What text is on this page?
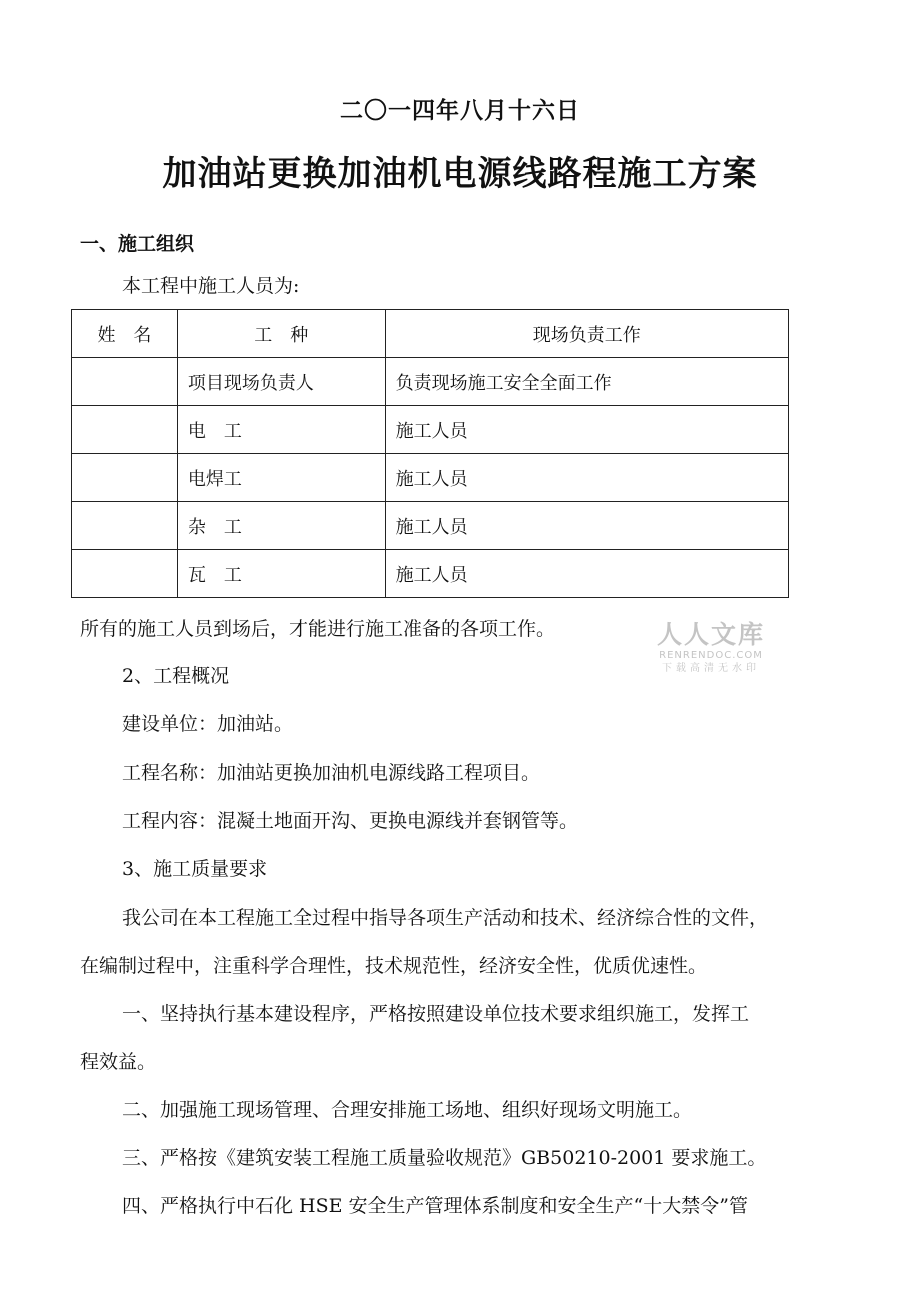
二〇一四年八月十六日
加油站更换加油机电源线路程施工方案
一、施工组织
本工程中施工人员为:
姓　名	工　种	现场负责工作
	项目现场负责人	负责现场施工安全全面工作
	电　工	施工人员
	电焊工	施工人员
	杂　工	施工人员
	瓦　工	施工人员
所有的施工人员到场后，才能进行施工准备的各项工作。	人人文库
RENRENDOC.COM
下载高清无水印
2、工程概况
建设单位：加油站。
工程名称：加油站更换加油机电源线路工程项目。
工程内容：混凝土地面开沟、更换电源线并套钢管等。
3、施工质量要求
我公司在本工程施工全过程中指导各项生产活动和技术、经济综合性的文件，
在编制过程中，注重科学合理性，技术规范性，经济安全性，优质优速性。
一、坚持执行基本建设程序，严格按照建设单位技术要求组织施工，发挥工
程效益。
二、加强施工现场管理、合理安排施工场地、组织好现场文明施工。
三、严格按《建筑安装工程施工质量验收规范》GB50210-2001 要求施工。
四、严格执行中石化 HSE 安全生产管理体系制度和安全生产“十大禁令”管
